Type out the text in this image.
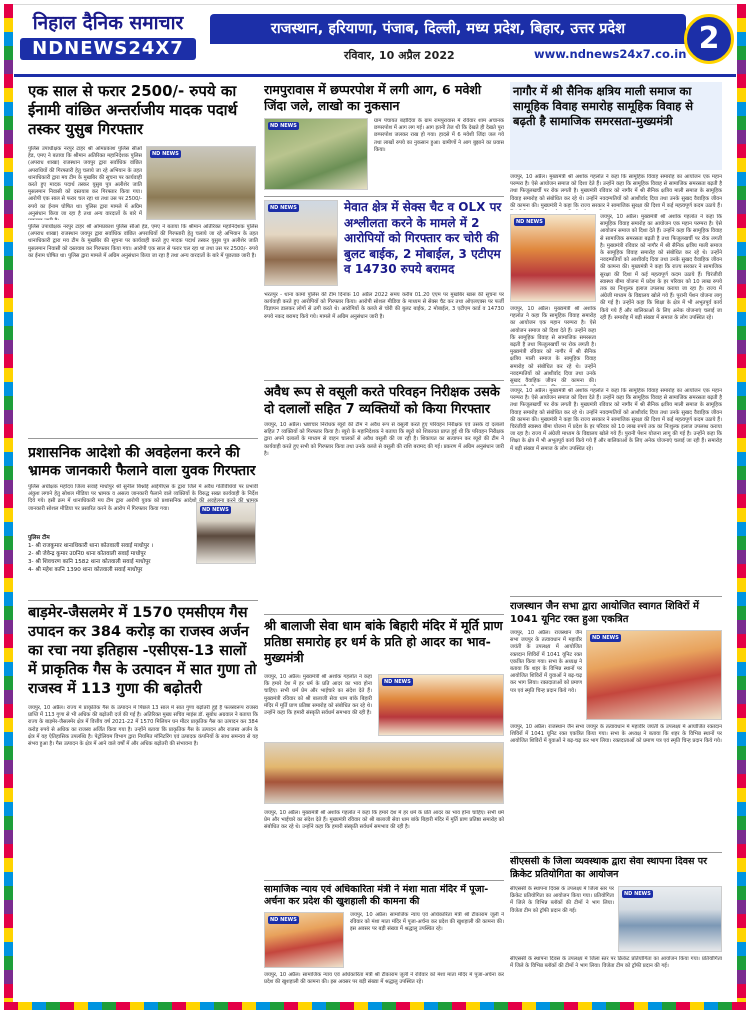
निहाल दैनिक समाचार
NDNEWS24X7
राजस्थान, हरियाणा, पंजाब, दिल्ली, मध्य प्रदेश, बिहार, उत्तर प्रदेश
रविवार, 10 अप्रैल 2022	www.ndnews24x7.co.in 2
एक साल से फरार 2500/- रुपये का ईनामी वांछित अन्तर्राजीय मादक पदार्थ तस्कर युसुब गिरफ्तार
ND NEWS
पुलिस उपाधीक्षक नरपुर टाहर श्री ओमप्रकाश पुलिस सीओ हेड, एमए ने बताया कि श्रीमान अतिरिक्त महानिदेशक पुलिस (अपराध शाखा) राजस्थान जयपुर द्वारा सर्वाधिक वांछित अपराधियों की गिरफ्तारी हेतु चलाये जा रहे अभियान के तहत थानाधिकारी द्वारा मय टीम के मुखबिर की सूचना पर कार्यवाही करते हुए मादक पदार्थ तस्कर युसुब पुत्र अलीशेर जाति मुसलमान निवासी को दस्तयाब कर गिरफ्तार किया गया। आरोपी एक साल से फरार चल रहा था तथा उस पर 2500/- रुपये का ईनाम घोषित था। पुलिस द्वारा मामले में अग्रिम अनुसंधान किया जा रहा है तथा अन्य वारदातों के बारे में
पुलिस उपाधीक्षक नरपुर टाहर श्री ओमप्रकाश पुलिस सीओ हेड, एमए ने बताया कि श्रीमान अतिरिक्त महानिदेशक पुलिस (अपराध शाखा) राजस्थान जयपुर द्वारा सर्वाधिक वांछित अपराधियों की गिरफ्तारी हेतु चलाये जा रहे अभियान के तहत थानाधिकारी द्वारा मय टीम के मुखबिर की सूचना पर कार्यवाही करते हुए मादक पदार्थ तस्कर युसुब पुत्र अलीशेर जाति मुसलमान निवासी को दस्तयाब कर गिरफ्तार किया गया। आरोपी एक साल से फरार चल रहा था तथा उस पर 2500/- रुपये का ईनाम घोषित था। पुलिस द्वारा मामले में अग्रिम अनुसंधान किया जा रहा है तथा अन्य वारदातों के बारे में पूछताछ जारी है।
प्रशासनिक आदेशो की अवहेलना करने की भ्रामक जानकारी फैलाने वाला युवक गिरफ्तार
ND NEWS
पुलिस अधीक्षक महोदय जिला सवाई माधोपुर श्री सुनील बिश्नोई आईपीएस के द्वारा जिले में अवैध गतिविधियों पर प्रभावी अंकुश लगाने हेतु सोशल मीडिया पर भ्रामक व असत्य जानकारी फैलाने वाले व्यक्तियों के विरुद्ध सख्त कार्यवाही के निर्देश दिये गये। इसी क्रम में थानाधिकारी मय टीम द्वारा आरोपी युवक को प्रशासनिक आदेशो की अवहेलना करने की भ्रामक जानकारी सोशल मीडिया पर प्रसारित करने के आरोप में गिरफ्तार किया गया।
पुलिस टीम
1- श्री राजकुमार थानाधिकारी थाना कोतवाली सवाई माधोपुर ।
2- श्री जेवेन्द्र कुमार उ0नि0 थाना कोतवाली सवाई माधोपुर
3- श्री शिवचरण कानि 1582 थाना कोतवाली सवाई माधोपुर
4- श्री महेश कानि 1390 थाना कोतवाली सवाई माधोपुर
बाड़मेर-जैसलमेर में 1570 एमसीएम गैस उपादन कर 384 करोड़ का राजस्व अर्जन का रचा नया इतिहास -एसीएस-13 सालों में प्राकृतिक गैस के उत्पादन में सात गुणा तो राजस्व में 113 गुणा की बढ़ोतरी
जयपुर, 10 अप्रैल। राज्य में प्राकृतिक गैस के उत्पादन में पिछले 13 साल में सात गुणा बढ़ोतरी हुई है फलस्वरूप राजस्व प्राप्ति में 113 गुणा से भी अधिक की बढ़ोतरी दर्ज की गई है। अतिरिक्त मुख्य सचिव माइंस डॉ. सुबोध अग्रवाल ने बताया कि राज्य के बाड़मेर-जैसलमेर क्षेत्र में वित्तीय वर्ष 2021-22 में 1570 मिलियन घन मीटर प्राकृतिक गैस का उत्पादन कर 384 करोड़ रुपये से अधिक का राजस्व अर्जित किया गया है। उन्होंने बताया कि प्राकृतिक गैस के उत्पादन और राजस्व अर्जन के क्षेत्र में यह ऐतिहासिक उपलब्धि है। पेट्रोलियम विभाग द्वारा नियमित मॉनिटरिंग एवं उत्पादक कंपनियों के साथ समन्वय से यह संभव हुआ है। गैस उत्पादन के क्षेत्र में आने वाले वर्षों में और अधिक बढ़ोतरी की संभावना है।
रामपुरावास में छप्परपोश में लगी आग, 6 मवेशी जिंदा जले, लाखो का नुकसान
ND NEWS
ग्राम पंचायत बड़ोदिया के ग्राम रामपुरावास में रविवार शाम अचानक छप्परपोश में आग लग गई। आग इतनी तेज थी कि देखते ही देखते पूरा छप्परपोश जलकर राख हो गया। हादसे में 6 मवेशी जिंदा जल गये तथा लाखों रुपये का नुकसान हुआ। ग्रामीणों ने आग बुझाने का प्रयास किया।
ND NEWS	मेवात क्षेत्र में सेक्स चैट व OLX पर अश्लीलता करने के मामले में 2 आरोपियों को गिरफ्तार कर चोरी की बुलट बाईक, 2 मोबाईल, 3 एटीएम व 14730 रुपये बरामद
भरतपुर - थाना कामां पुलिस की टीम दिनांक 10 अप्रैल 2022 समय करीब 01.20 एएम पर मुखबिर खास की सूचना पर कार्यवाही करते हुए आरोपियों को गिरफ्तार किया। आरोपी सोशल मीडिया के माध्यम से सेक्स चैट कर तथा ओएलएक्स पर फर्जी विज्ञापन डालकर लोगों से ठगी करते थे। आरोपियों के कब्जे से चोरी की बुलट बाईक, 2 मोबाईल, 3 एटीएम कार्ड व 14730 रुपये नकद बरामद किये गये। मामले में अग्रिम अनुसंधान जारी है।
अवैध रूप से वसूली करते परिवहन निरीक्षक उसके दो दलालों सहित 7 व्यक्तियों को किया गिरफ्तार
जयपुर, 10 अप्रैल। भ्रष्टाचार निरोधक ब्यूरो की टीम ने अवैध रूप से वसूली करते हुए परिवहन निरीक्षक एवं उसके दो दलालों सहित 7 व्यक्तियों को गिरफ्तार किया है। ब्यूरो के महानिदेशक ने बताया कि ब्यूरो को शिकायत प्राप्त हुई थी कि परिवहन निरीक्षक द्वारा अपने दलालों के माध्यम से वाहन चालकों से अवैध वसूली की जा रही है। शिकायत का सत्यापन कर ब्यूरो की टीम ने कार्यवाही करते हुए सभी को गिरफ्तार किया तथा उनके कब्जे से वसूली की राशि बरामद की गई। प्रकरण में अग्रिम अनुसंधान जारी है।
श्री बालाजी सेवा धाम बांके बिहारी मंदिर में मूर्ति प्राण प्रतिष्ठा समारोह हर धर्म के प्रति हो आदर का भाव-मुख्यमंत्री
जयपुर, 10 अप्रैल। मुख्यमंत्री श्री अशोक गहलोत ने कहा कि हमारे देश में हर धर्म के प्रति आदर का भाव होना चाहिए। सभी धर्म प्रेम और भाईचारे का संदेश देते हैं। मुख्यमंत्री रविवार को श्री बालाजी सेवा धाम बांके बिहारी मंदिर में मूर्ति प्राण प्रतिष्ठा समारोह को संबोधित कर रहे थे। उन्होंने कहा कि हमारी संस्कृति सर्वधर्म समभाव की रही है।
ND NEWS
जयपुर, 10 अप्रैल। मुख्यमंत्री श्री अशोक गहलोत ने कहा कि हमारे देश में हर धर्म के प्रति आदर का भाव होना चाहिए। सभी धर्म प्रेम और भाईचारे का संदेश देते हैं। मुख्यमंत्री रविवार को श्री बालाजी सेवा धाम बांके बिहारी मंदिर में मूर्ति प्राण प्रतिष्ठा समारोह को संबोधित कर रहे थे। उन्होंने कहा कि हमारी संस्कृति सर्वधर्म समभाव की रही है।
सामाजिक न्याय एवं अधिकारिता मंत्री ने मंशा माता मंदिर में पूजा-अर्चना कर प्रदेश की खुशहाली की कामना की
ND NEWS
जयपुर, 10 अप्रैल। सामाजिक न्याय एवं अधिकारिता मंत्री श्री टीकाराम जूली ने रविवार को मंशा माता मंदिर में पूजा-अर्चना कर प्रदेश की खुशहाली की कामना की। इस अवसर पर बड़ी संख्या में श्रद्धालु उपस्थित रहे।
जयपुर, 10 अप्रैल। सामाजिक न्याय एवं अधिकारिता मंत्री श्री टीकाराम जूली ने रविवार को मंशा माता मंदिर में पूजा-अर्चना कर प्रदेश की खुशहाली की कामना की। इस अवसर पर बड़ी संख्या में श्रद्धालु उपस्थित रहे।
नागौर में श्री सैनिक क्षत्रिय माली समाज का सामूहिक विवाह समारोह सामूहिक विवाह से बढ़ती है सामाजिक समरसता-मुख्यमंत्री
जयपुर, 10 अप्रैल। मुख्यमंत्री श्री अशोक गहलोत ने कहा कि सामूहिक विवाह समारोह का आयोजन एक महान परम्परा है। ऐसे आयोजन समाज को दिशा देते हैं। उन्होंने कहा कि सामूहिक विवाह से सामाजिक समरसता बढ़ती है तथा फिजूलखर्ची पर रोक लगती है। मुख्यमंत्री रविवार को नागौर में श्री सैनिक क्षत्रिय माली समाज के सामूहिक विवाह समारोह को संबोधित कर रहे थे। उन्होंने नवदम्पतियों को आशीर्वाद दिया तथा उनके सुखद वैवाहिक जीवन की कामना की। मुख्यमंत्री ने कहा कि राज्य सरकार ने सामाजिक सुरक्षा की दिशा में कई महत्वपूर्ण कदम उठाये हैं।
ND NEWS
जयपुर, 10 अप्रैल। मुख्यमंत्री श्री अशोक गहलोत ने कहा कि सामूहिक विवाह समारोह का आयोजन एक महान परम्परा है। ऐसे आयोजन समाज को दिशा देते हैं। उन्होंने कहा कि सामूहिक विवाह से सामाजिक समरसता बढ़ती है तथा फिजूलखर्ची पर रोक लगती है। मुख्यमंत्री रविवार को नागौर में श्री सैनिक क्षत्रिय माली समाज के सामूहिक विवाह समारोह को संबोधित कर रहे थे। उन्होंने नवदम्पतियों को आशीर्वाद दिया तथा उनके सुखद वैवाहिक जीवन की कामना की। मुख्यमंत्री ने कहा कि राज्य सरकार ने सामाजिक सुरक्षा की दिशा में कई महत्वपूर्ण कदम उठाये हैं। चिरंजीवी स्वास्थ्य बीमा योजना में प्रदेश के हर परिवार को 10 लाख रुपये तक का निःशुल्क इलाज उपलब्ध कराया जा रहा है। राज्य में अंग्रेजी माध्यम के विद्यालय खोले गये हैं। पुरानी पेंशन योजना लागू की गई है। उन्होंने कहा कि शिक्षा के क्षेत्र में भी अभूतपूर्व कार्य किये गये हैं और बालिकाओं के लिए अनेक योजनाएं चलाई जा रही हैं। समारोह में बड़ी संख्या में समाज के लोग उपस्थित रहे।
जयपुर, 10 अप्रैल। मुख्यमंत्री श्री अशोक गहलोत ने कहा कि सामूहिक विवाह समारोह का आयोजन एक महान परम्परा है। ऐसे आयोजन समाज को दिशा देते हैं। उन्होंने कहा कि सामूहिक विवाह से सामाजिक समरसता बढ़ती है तथा फिजूलखर्ची पर रोक लगती है। मुख्यमंत्री रविवार को नागौर में श्री सैनिक क्षत्रिय माली समाज के सामूहिक विवाह समारोह को संबोधित कर रहे थे। उन्होंने नवदम्पतियों को आशीर्वाद दिया तथा उनके सुखद वैवाहिक जीवन की कामना की।
जयपुर, 10 अप्रैल। मुख्यमंत्री श्री अशोक गहलोत ने कहा कि सामूहिक विवाह समारोह का आयोजन एक महान परम्परा है। ऐसे आयोजन समाज को दिशा देते हैं। उन्होंने कहा कि सामूहिक विवाह से सामाजिक समरसता बढ़ती है तथा फिजूलखर्ची पर रोक लगती है। मुख्यमंत्री रविवार को नागौर में श्री सैनिक क्षत्रिय माली समाज के सामूहिक विवाह समारोह को संबोधित कर रहे थे। उन्होंने नवदम्पतियों को आशीर्वाद दिया तथा उनके सुखद वैवाहिक जीवन की कामना की। मुख्यमंत्री ने कहा कि राज्य सरकार ने सामाजिक सुरक्षा की दिशा में कई महत्वपूर्ण कदम उठाये हैं। चिरंजीवी स्वास्थ्य बीमा योजना में प्रदेश के हर परिवार को 10 लाख रुपये तक का निःशुल्क इलाज उपलब्ध कराया जा रहा है। राज्य में अंग्रेजी माध्यम के विद्यालय खोले गये हैं। पुरानी पेंशन योजना लागू की गई है। उन्होंने कहा कि शिक्षा के क्षेत्र में भी अभूतपूर्व कार्य किये गये हैं और बालिकाओं के लिए अनेक योजनाएं चलाई जा रही हैं। समारोह में बड़ी संख्या में समाज के लोग उपस्थित रहे।
राजस्थान जैन सभा द्वारा आयोजित स्वागत शिविरों में 1041 यूनिट रक्त हुआ एकत्रित
जयपुर, 10 अप्रैल। राजस्थान जैन सभा जयपुर के तत्वावधान में महावीर जयंती के उपलक्ष्य में आयोजित रक्तदान शिविरों में 1041 यूनिट रक्त एकत्रित किया गया। सभा के अध्यक्ष ने बताया कि शहर के विभिन्न स्थानों पर आयोजित शिविरों में युवाओं ने बढ़-चढ़ कर भाग लिया। रक्तदाताओं को प्रमाण पत्र एवं स्मृति चिन्ह प्रदान किये गये।
ND NEWS
जयपुर, 10 अप्रैल। राजस्थान जैन सभा जयपुर के तत्वावधान में महावीर जयंती के उपलक्ष्य में आयोजित रक्तदान शिविरों में 1041 यूनिट रक्त एकत्रित किया गया। सभा के अध्यक्ष ने बताया कि शहर के विभिन्न स्थानों पर आयोजित शिविरों में युवाओं ने बढ़-चढ़ कर भाग लिया। रक्तदाताओं को प्रमाण पत्र एवं स्मृति चिन्ह प्रदान किये गये।
सीएससी के जिला व्यवस्थाक द्वारा सेवा स्थापना दिवस पर क्रिकेट प्रतियोगिता का आयोजन
सीएससी के स्थापना दिवस के उपलक्ष्य में जिला स्तर पर क्रिकेट प्रतियोगिता का आयोजन किया गया। प्रतियोगिता में जिले के विभिन्न ब्लॉकों की टीमों ने भाग लिया। विजेता टीम को ट्रॉफी प्रदान की गई।
ND NEWS
सीएससी के स्थापना दिवस के उपलक्ष्य में जिला स्तर पर क्रिकेट प्रतियोगिता का आयोजन किया गया। प्रतियोगिता में जिले के विभिन्न ब्लॉकों की टीमों ने भाग लिया। विजेता टीम को ट्रॉफी प्रदान की गई।
